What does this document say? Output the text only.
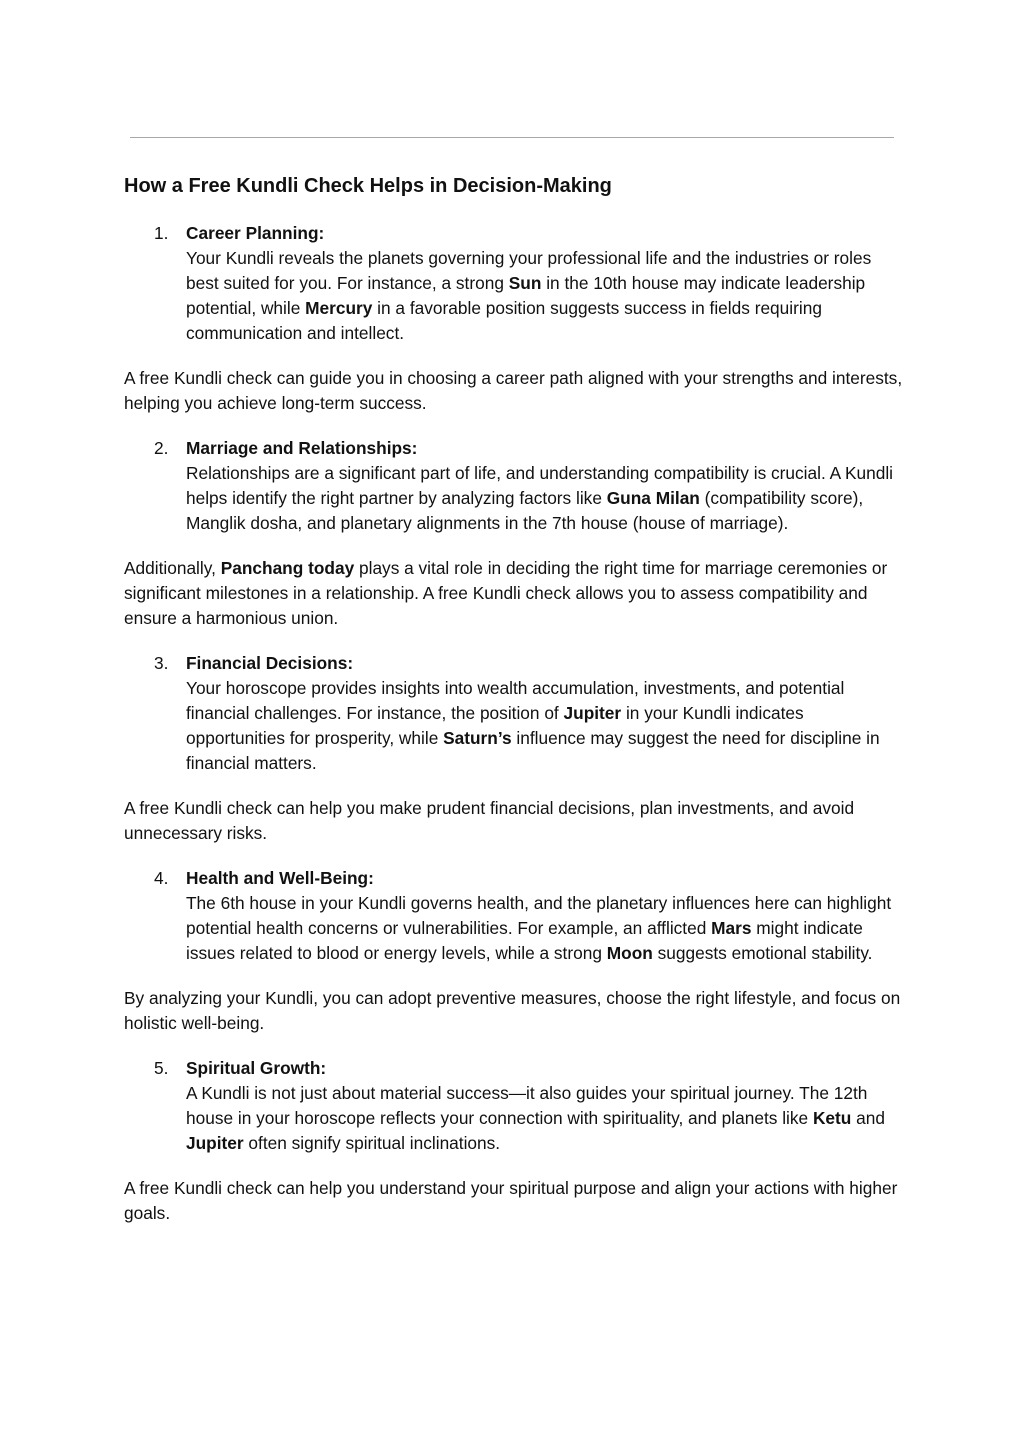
How a Free Kundli Check Helps in Decision-Making
1. Career Planning:
Your Kundli reveals the planets governing your professional life and the industries or roles best suited for you. For instance, a strong Sun in the 10th house may indicate leadership potential, while Mercury in a favorable position suggests success in fields requiring communication and intellect.

A free Kundli check can guide you in choosing a career path aligned with your strengths and interests, helping you achieve long-term success.

2. Marriage and Relationships:
Relationships are a significant part of life, and understanding compatibility is crucial. A Kundli helps identify the right partner by analyzing factors like Guna Milan (compatibility score), Manglik dosha, and planetary alignments in the 7th house (house of marriage).

Additionally, Panchang today plays a vital role in deciding the right time for marriage ceremonies or significant milestones in a relationship. A free Kundli check allows you to assess compatibility and ensure a harmonious union.

3. Financial Decisions:
Your horoscope provides insights into wealth accumulation, investments, and potential financial challenges. For instance, the position of Jupiter in your Kundli indicates opportunities for prosperity, while Saturn’s influence may suggest the need for discipline in financial matters.

A free Kundli check can help you make prudent financial decisions, plan investments, and avoid unnecessary risks.

4. Health and Well-Being:
The 6th house in your Kundli governs health, and the planetary influences here can highlight potential health concerns or vulnerabilities. For example, an afflicted Mars might indicate issues related to blood or energy levels, while a strong Moon suggests emotional stability.

By analyzing your Kundli, you can adopt preventive measures, choose the right lifestyle, and focus on holistic well-being.

5. Spiritual Growth:
A Kundli is not just about material success—it also guides your spiritual journey. The 12th house in your horoscope reflects your connection with spirituality, and planets like Ketu and Jupiter often signify spiritual inclinations.

A free Kundli check can help you understand your spiritual purpose and align your actions with higher goals.
